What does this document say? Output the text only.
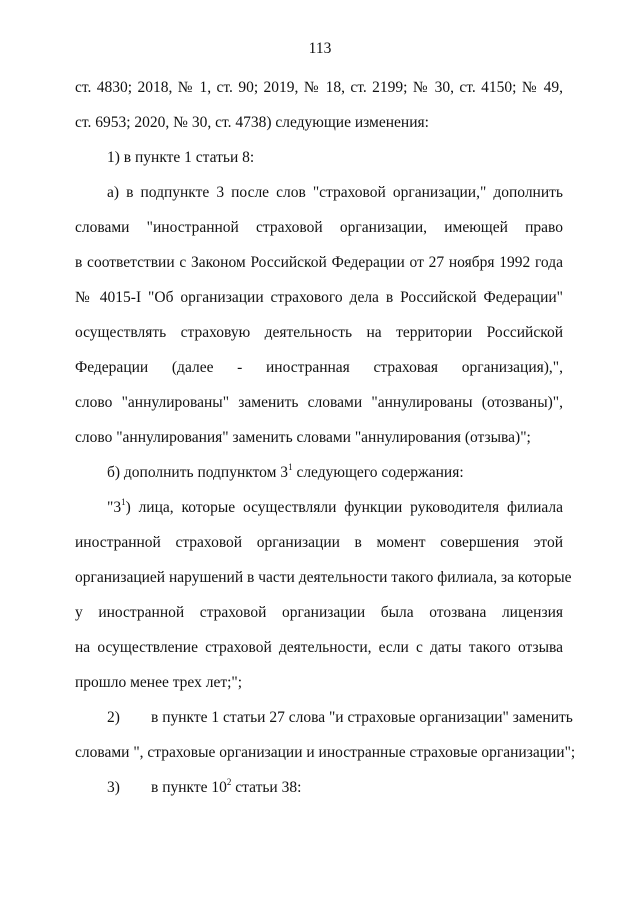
113
ст. 4830; 2018, № 1, ст. 90; 2019, № 18, ст. 2199; № 30, ст. 4150; № 49,
ст. 6953; 2020, № 30, ст. 4738) следующие изменения:
1) в пункте 1 статьи 8:
а) в подпункте 3 после слов "страховой организации," дополнить
словами "иностранной страховой организации, имеющей право
в соответствии с Законом Российской Федерации от 27 ноября 1992 года
№ 4015-I "Об организации страхового дела в Российской Федерации"
осуществлять страховую деятельность на территории Российской
Федерации (далее - иностранная страховая организация),",
слово "аннулированы" заменить словами "аннулированы (отозваны)",
слово "аннулирования" заменить словами "аннулирования (отзыва)";
б) дополнить подпунктом $3^1$ следующего содержания:
"$3^1$) лица, которые осуществляли функции руководителя филиала
иностранной страховой организации в момент совершения этой
организацией нарушений в части деятельности такого филиала, за которые
у иностранной страховой организации была отозвана лицензия
на осуществление страховой деятельности, если с даты такого отзыва
прошло менее трех лет;";
2) в пункте 1 статьи 27 слова "и страховые организации" заменить
словами ", страховые организации и иностранные страховые организации";
3) в пункте $10^2$ статьи 38:
